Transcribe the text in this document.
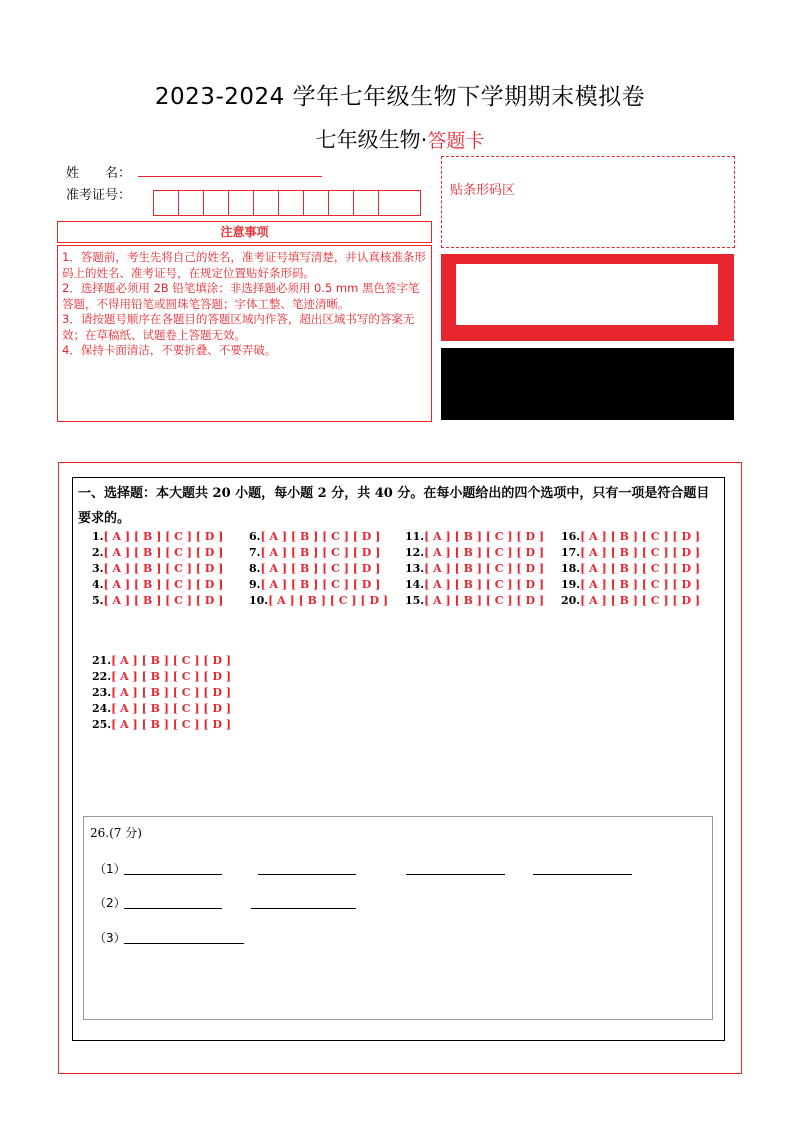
2023-2024 学年七年级生物下学期期末模拟卷
七年级生物·答题卡
姓　　名：
准考证号：
注意事项

1．答题前，考生先将自己的姓名，准考证号填写清楚，并认真核准条形码上的姓名、准考证号，在规定位置贴好条形码。

2．选择题必须用 2B 铅笔填涂；非选择题必须用 0.5 mm 黑色签字笔答题，不得用铅笔或圆珠笔答题；字体工整、笔迹清晰。

3．请按题号顺序在各题目的答题区域内作答，超出区域书写的答案无效；在草稿纸、试题卷上答题无效。

4．保持卡面清洁，不要折叠、不要弄破。

贴条形码区
一、选择题：本大题共 20 小题，每小题 2 分，共 40 分。在每小题给出的四个选项中，只有一项是符合题目要求的。
1.[ A ] [ B ] [ C ] [ D ]
2.[ A ] [ B ] [ C ] [ D ]
3.[ A ] [ B ] [ C ] [ D ]
4.[ A ] [ B ] [ C ] [ D ]
5.[ A ] [ B ] [ C ] [ D ]
6.[ A ] [ B ] [ C ] [ D ]
7.[ A ] [ B ] [ C ] [ D ]
8.[ A ] [ B ] [ C ] [ D ]
9.[ A ] [ B ] [ C ] [ D ]
10.[ A ] [ B ] [ C ] [ D ]
11.[ A ] [ B ] [ C ] [ D ]
12.[ A ] [ B ] [ C ] [ D ]
13.[ A ] [ B ] [ C ] [ D ]
14.[ A ] [ B ] [ C ] [ D ]
15.[ A ] [ B ] [ C ] [ D ]
16.[ A ] [ B ] [ C ] [ D ]
17.[ A ] [ B ] [ C ] [ D ]
18.[ A ] [ B ] [ C ] [ D ]
19.[ A ] [ B ] [ C ] [ D ]
20.[ A ] [ B ] [ C ] [ D ]
21.[ A ] [ B ] [ C ] [ D ]
22.[ A ] [ B ] [ C ] [ D ]
23.[ A ] [ B ] [ C ] [ D ]
24.[ A ] [ B ] [ C ] [ D ]
25.[ A ] [ B ] [ C ] [ D ]
26.(7 分)
（1）
（2）
（3）
